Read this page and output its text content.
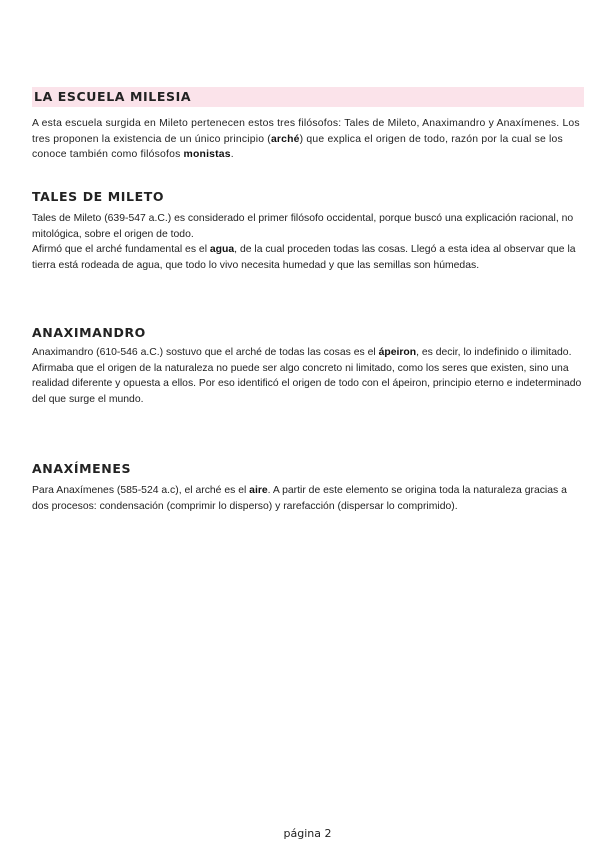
LA ESCUELA MILESIA

A esta escuela surgida en Mileto pertenecen estos tres filósofos: Tales de Mileto, Anaximandro y Anaxímenes. Los tres proponen la existencia de un único principio (arché) que explica el origen de todo, razón por la cual se los conoce también como filósofos monistas.

TALES DE MILETO

Tales de Mileto (639-547 a.C.) es considerado el primer filósofo occidental, porque buscó una explicación racional, no mitológica, sobre el origen de todo.

Afirmó que el arché fundamental es el agua, de la cual proceden todas las cosas. Llegó a esta idea al observar que la tierra está rodeada de agua, que todo lo vivo necesita humedad y que las semillas son húmedas.

ANAXIMANDRO

Anaximandro (610-546 a.C.) sostuvo que el arché de todas las cosas es el ápeiron, es decir, lo indefinido o ilimitado.

Afirmaba que el origen de la naturaleza no puede ser algo concreto ni limitado, como los seres que existen, sino una realidad diferente y opuesta a ellos. Por eso identificó el origen de todo con el ápeiron, principio eterno e indeterminado del que surge el mundo.

ANAXÍMENES

Para Anaxímenes (585-524 a.c), el arché es el aire. A partir de este elemento se origina toda la naturaleza gracias a dos procesos: condensación (comprimir lo disperso) y rarefacción (dispersar lo comprimido).

página 2
